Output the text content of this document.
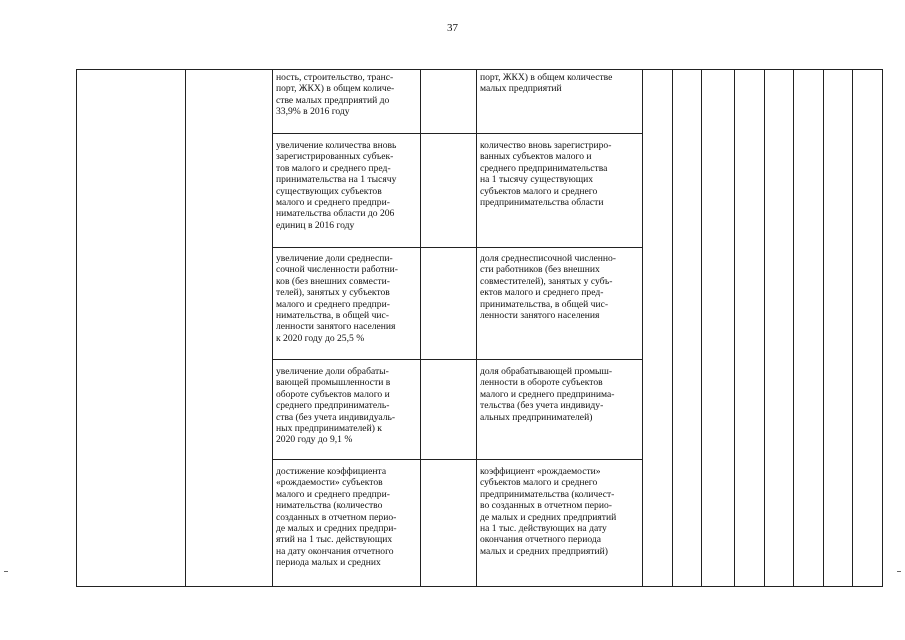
37
ность, строительство, транс-
порт, ЖКХ) в общем количе-
стве малых предприятий до
33,9% в 2016 году
порт, ЖКХ) в общем количестве
малых предприятий
увеличение количества вновь
зарегистрированных субъек-
тов малого и среднего пред-
принимательства на 1 тысячу
существующих субъектов
малого и среднего предпри-
нимательства области до 206
единиц в 2016 году
количество вновь зарегистриро-
ванных субъектов малого и
среднего предпринимательства
на 1 тысячу существующих
субъектов малого и среднего
предпринимательства области
увеличение доли среднеспи-
сочной численности работни-
ков (без внешних совмести-
телей), занятых у субъектов
малого и среднего предпри-
нимательства, в общей чис-
ленности занятого населения
к 2020 году до 25,5 %
доля среднесписочной численно-
сти работников (без внешних
совместителей), занятых у субъ-
ектов малого и среднего пред-
принимательства, в общей чис-
ленности занятого населения
увеличение доли обрабаты-
вающей промышленности в
обороте субъектов малого и
среднего предприниматель-
ства (без учета индивидуаль-
ных предпринимателей) к
2020 году до 9,1 %
доля обрабатывающей промыш-
ленности в обороте субъектов
малого и среднего предпринима-
тельства (без учета индивиду-
альных предпринимателей)
достижение коэффициента
«рождаемости» субъектов
малого и среднего предпри-
нимательства (количество
созданных в отчетном перио-
де малых и средних предпри-
ятий на 1 тыс. действующих
на дату окончания отчетного
периода малых и средних
коэффициент «рождаемости»
субъектов малого и среднего
предпринимательства (количест-
во созданных в отчетном перио-
де малых и средних предприятий
на 1 тыс. действующих на дату
окончания отчетного периода
малых и средних предприятий)
